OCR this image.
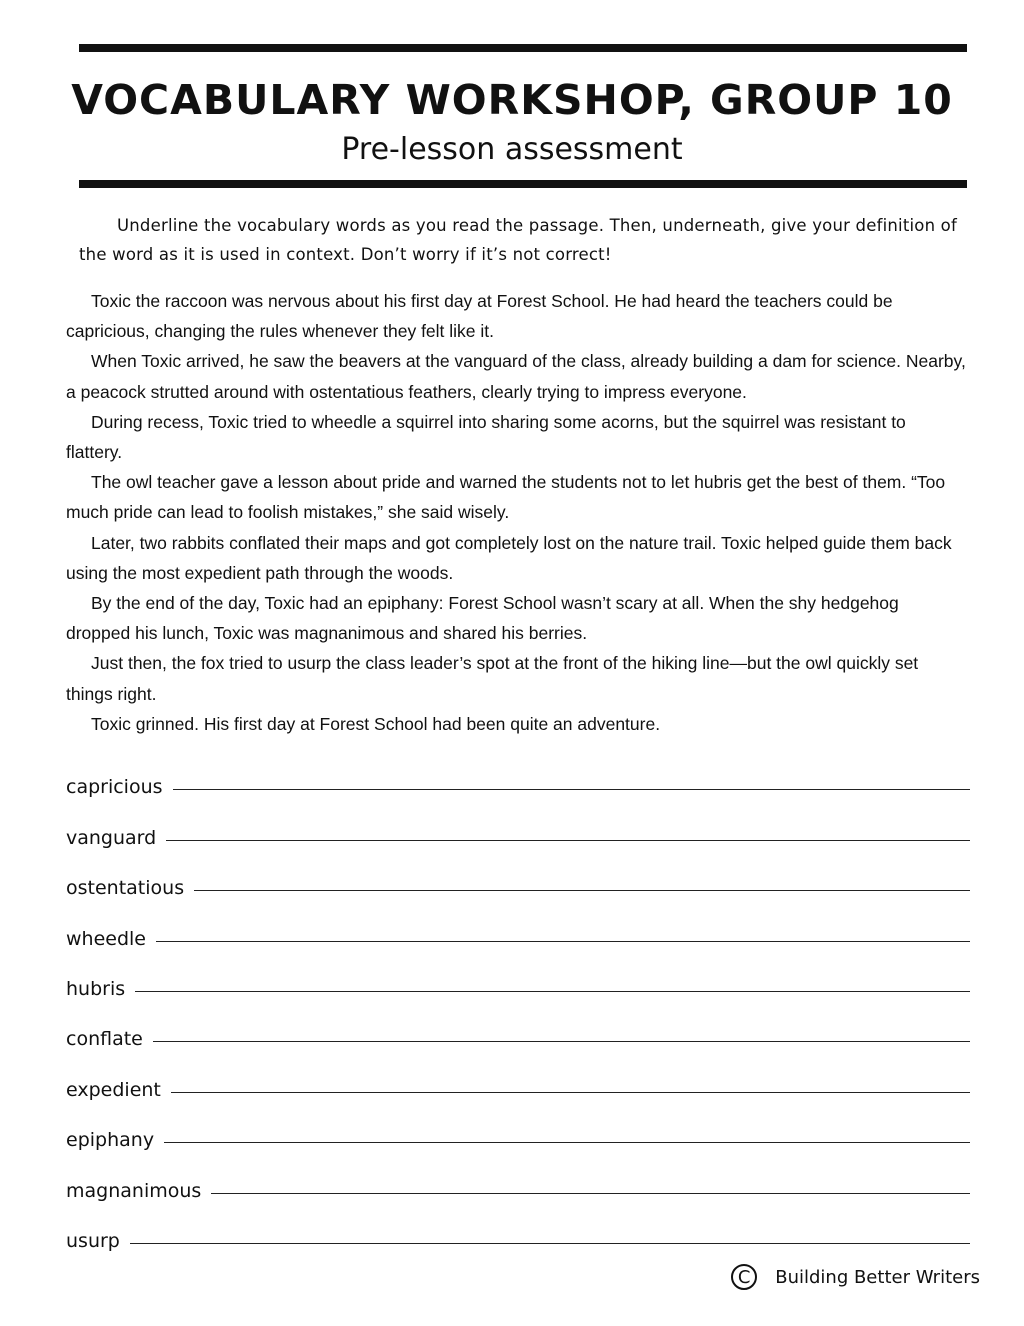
VOCABULARY WORKSHOP, GROUP 10
Pre-lesson assessment
Underline the vocabulary words as you read the passage. Then, underneath, give your definition of the word as it is used in context. Don’t worry if it’s not correct!

Toxic the raccoon was nervous about his first day at Forest School. He had heard the teachers could be capricious, changing the rules whenever they felt like it.

When Toxic arrived, he saw the beavers at the vanguard of the class, already building a dam for science. Nearby, a peacock strutted around with ostentatious feathers, clearly trying to impress everyone.

During recess, Toxic tried to wheedle a squirrel into sharing some acorns, but the squirrel was resistant to flattery.

The owl teacher gave a lesson about pride and warned the students not to let hubris get the best of them. “Too much pride can lead to foolish mistakes,” she said wisely.

Later, two rabbits conflated their maps and got completely lost on the nature trail. Toxic helped guide them back using the most expedient path through the woods.

By the end of the day, Toxic had an epiphany: Forest School wasn’t scary at all. When the shy hedgehog dropped his lunch, Toxic was magnanimous and shared his berries.

Just then, the fox tried to usurp the class leader’s spot at the front of the hiking line—but the owl quickly set things right.

Toxic grinned. His first day at Forest School had been quite an adventure.

capricious
vanguard
ostentatious
wheedle
hubris
conflate
expedient
epiphany
magnanimous
usurp
C	Building Better Writers
